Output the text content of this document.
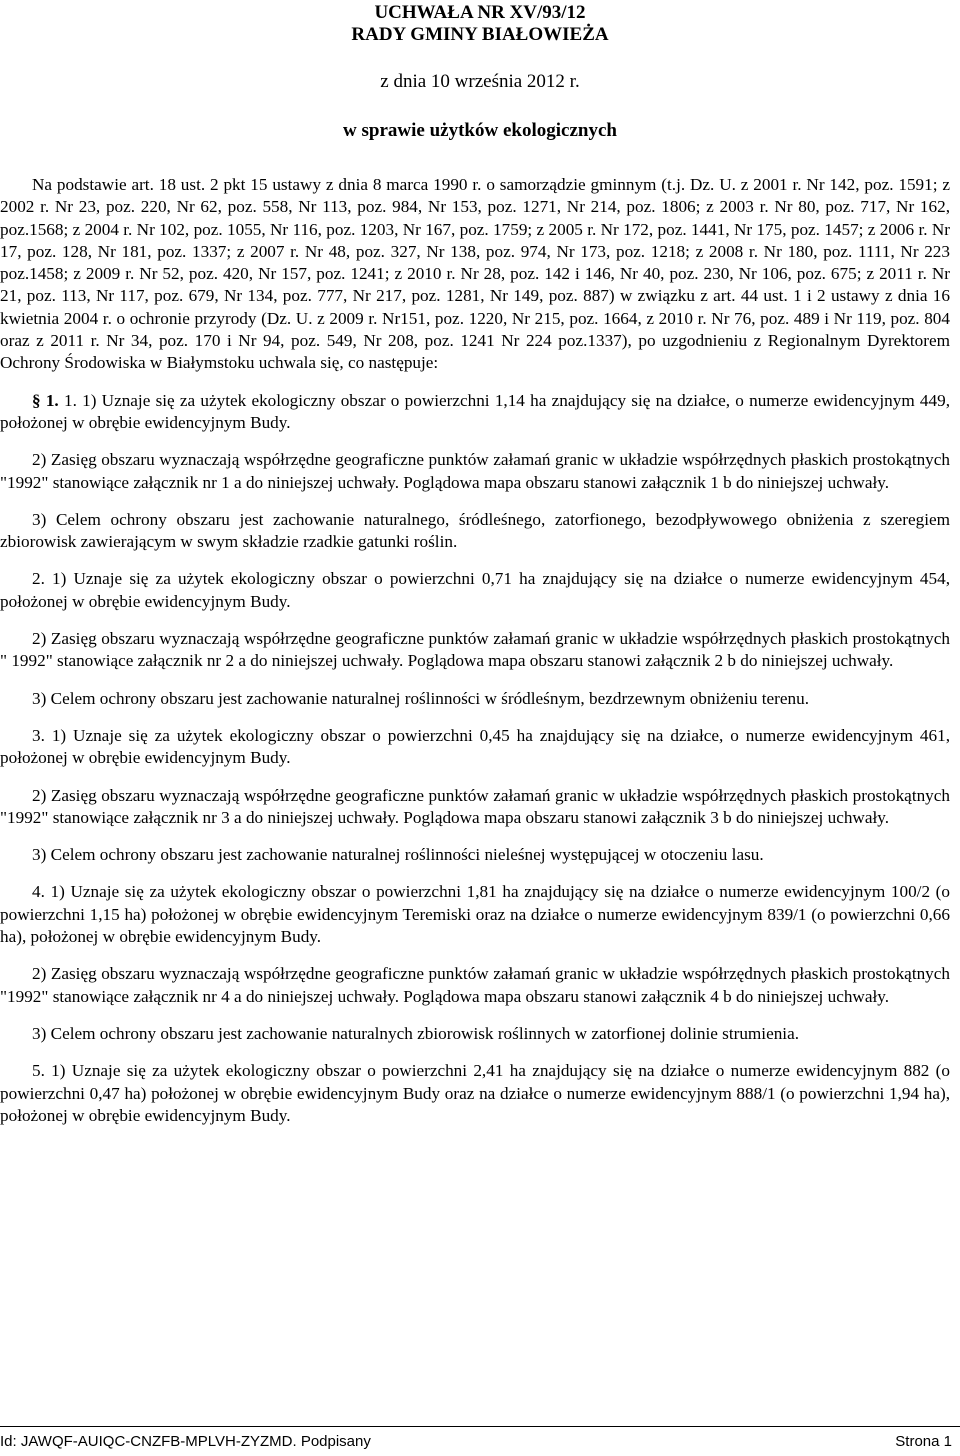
UCHWAŁA NR XV/93/12
RADY GMINY BIAŁOWIEŻA
z dnia 10 września 2012 r.
w sprawie użytków ekologicznych

Na podstawie art. 18 ust. 2 pkt 15 ustawy z dnia 8 marca 1990 r. o samorządzie gminnym (t.j. Dz. U. z 2001 r. Nr 142, poz. 1591; z 2002 r. Nr 23, poz. 220, Nr 62, poz. 558, Nr 113, poz. 984, Nr 153, poz. 1271, Nr 214, poz. 1806; z 2003 r. Nr 80, poz. 717, Nr 162, poz.1568; z 2004 r. Nr 102, poz. 1055, Nr 116, poz. 1203, Nr 167, poz. 1759; z 2005 r. Nr 172, poz. 1441, Nr 175, poz. 1457; z 2006 r. Nr 17, poz. 128, Nr 181, poz. 1337; z 2007 r. Nr 48, poz. 327, Nr 138, poz. 974, Nr 173, poz. 1218; z 2008 r. Nr 180, poz. 1111, Nr 223 poz.1458; z 2009 r. Nr 52, poz. 420, Nr 157, poz. 1241; z 2010 r. Nr 28, poz. 142 i 146, Nr 40, poz. 230, Nr 106, poz. 675; z 2011 r. Nr 21, poz. 113, Nr 117, poz. 679, Nr 134, poz. 777, Nr 217, poz. 1281, Nr 149, poz. 887) w związku z art. 44 ust. 1 i 2 ustawy z dnia 16 kwietnia 2004 r. o ochronie przyrody (Dz. U. z 2009 r. Nr151, poz. 1220, Nr 215, poz. 1664, z 2010 r. Nr 76, poz. 489 i Nr 119, poz. 804 oraz z 2011 r. Nr 34, poz. 170 i Nr 94, poz. 549, Nr 208, poz. 1241 Nr 224 poz.1337), po uzgodnieniu z Regionalnym Dyrektorem Ochrony Środowiska w Białymstoku uchwala się, co następuje:

§ 1. 1. 1) Uznaje się za użytek ekologiczny obszar o powierzchni 1,14 ha znajdujący się na działce, o numerze ewidencyjnym 449, położonej w obrębie ewidencyjnym Budy.

2) Zasięg obszaru wyznaczają współrzędne geograficzne punktów załamań granic w układzie współrzędnych płaskich prostokątnych "1992" stanowiące załącznik nr 1 a do niniejszej uchwały. Poglądowa mapa obszaru stanowi załącznik 1 b do niniejszej uchwały.

3) Celem ochrony obszaru jest zachowanie naturalnego, śródleśnego, zatorfionego, bezodpływowego obniżenia z szeregiem zbiorowisk zawierającym w swym składzie rzadkie gatunki roślin.

2. 1) Uznaje się za użytek ekologiczny obszar o powierzchni 0,71 ha znajdujący się na działce o numerze ewidencyjnym 454, położonej w obrębie ewidencyjnym Budy.

2) Zasięg obszaru wyznaczają współrzędne geograficzne punktów załamań granic w układzie współrzędnych płaskich prostokątnych " 1992" stanowiące załącznik nr 2 a do niniejszej uchwały. Poglądowa mapa obszaru stanowi załącznik 2 b do niniejszej uchwały.

3) Celem ochrony obszaru jest zachowanie naturalnej roślinności w śródleśnym, bezdrzewnym obniżeniu terenu.

3. 1) Uznaje się za użytek ekologiczny obszar o powierzchni 0,45 ha znajdujący się na działce, o numerze ewidencyjnym 461, położonej w obrębie ewidencyjnym Budy.

2) Zasięg obszaru wyznaczają współrzędne geograficzne punktów załamań granic w układzie współrzędnych płaskich prostokątnych "1992" stanowiące załącznik nr 3 a do niniejszej uchwały. Poglądowa mapa obszaru stanowi załącznik 3 b do niniejszej uchwały.

3) Celem ochrony obszaru jest zachowanie naturalnej roślinności nieleśnej występującej w otoczeniu lasu.

4. 1) Uznaje się za użytek ekologiczny obszar o powierzchni 1,81 ha znajdujący się na działce o numerze ewidencyjnym 100/2 (o powierzchni 1,15 ha) położonej w obrębie ewidencyjnym Teremiski oraz na działce o numerze ewidencyjnym 839/1 (o powierzchni 0,66 ha), położonej w obrębie ewidencyjnym Budy.

2) Zasięg obszaru wyznaczają współrzędne geograficzne punktów załamań granic w układzie współrzędnych płaskich prostokątnych "1992" stanowiące załącznik nr 4 a do niniejszej uchwały. Poglądowa mapa obszaru stanowi załącznik 4 b do niniejszej uchwały.

3) Celem ochrony obszaru jest zachowanie naturalnych zbiorowisk roślinnych w zatorfionej dolinie strumienia.

5. 1) Uznaje się za użytek ekologiczny obszar o powierzchni 2,41 ha znajdujący się na działce o numerze ewidencyjnym 882 (o powierzchni 0,47 ha) położonej w obrębie ewidencyjnym Budy oraz na działce o numerze ewidencyjnym 888/1 (o powierzchni 1,94 ha), położonej w obrębie ewidencyjnym Budy.

Id: JAWQF-AUIQC-CNZFB-MPLVH-ZYZMD. Podpisany	Strona 1
